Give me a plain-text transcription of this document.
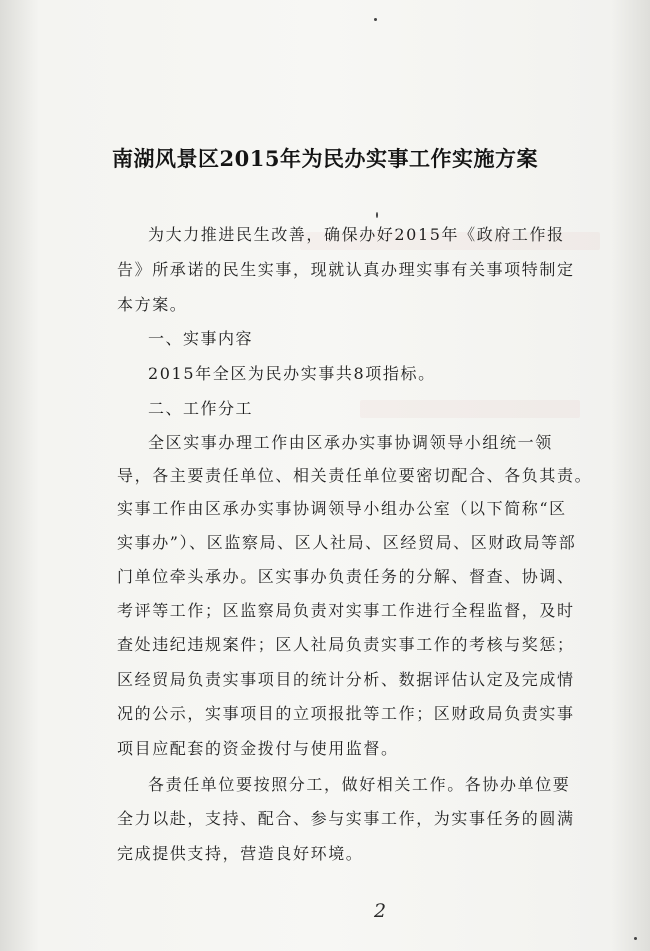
南湖风景区2015年为民办实事工作实施方案
为大力推进民生改善，确保办好2015年《政府工作报
告》所承诺的民生实事，现就认真办理实事有关事项特制定
本方案。
一、实事内容
2015年全区为民办实事共8项指标。
二、工作分工
全区实事办理工作由区承办实事协调领导小组统一领
导，各主要责任单位、相关责任单位要密切配合、各负其责。
实事工作由区承办实事协调领导小组办公室（以下简称“区
实事办”）、区监察局、区人社局、区经贸局、区财政局等部
门单位牵头承办。区实事办负责任务的分解、督查、协调、
考评等工作；区监察局负责对实事工作进行全程监督，及时
查处违纪违规案件；区人社局负责实事工作的考核与奖惩；
区经贸局负责实事项目的统计分析、数据评估认定及完成情
况的公示，实事项目的立项报批等工作；区财政局负责实事
项目应配套的资金拨付与使用监督。
各责任单位要按照分工，做好相关工作。各协办单位要
全力以赴，支持、配合、参与实事工作，为实事任务的圆满
完成提供支持，营造良好环境。
2
